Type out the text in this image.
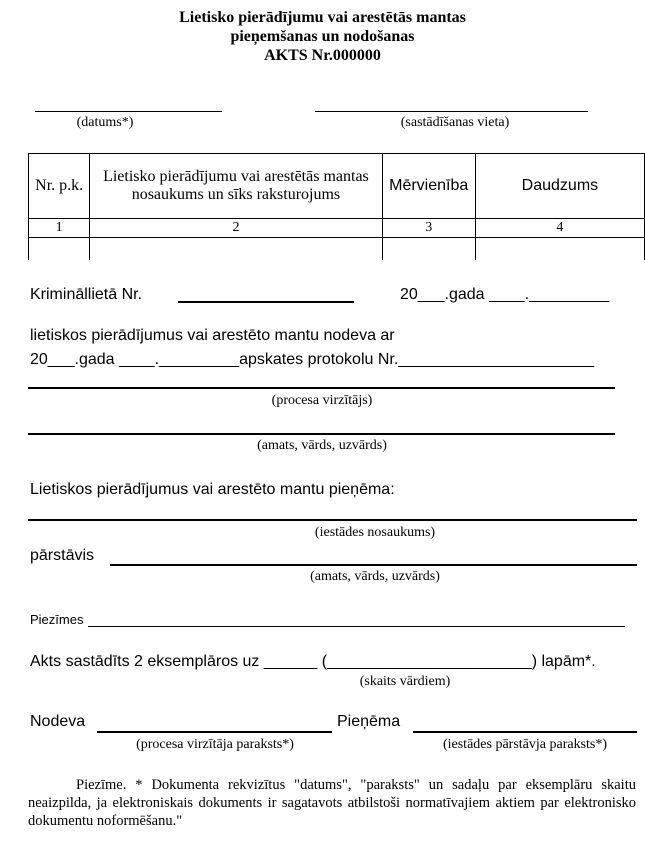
Lietisko pierādījumu vai arestētās mantas
pieņemšanas un nodošanas
AKTS Nr.000000
(datums*)	(sastādīšanas vieta)
Nr. p.k.	Lietisko pierādījumu vai arestētās mantas nosaukums un sīks raksturojums	Mērvienība	Daudzums
1	2	3	4

Krimināllietā Nr.	20___.gada ____._________
lietiskos pierādījumus vai arestēto mantu nodeva ar
20___.gada ____._________apskates protokolu Nr.______________________
(procesa virzītājs)
(amats, vārds, uzvārds)
Lietiskos pierādījumus vai arestēto mantu pieņēma:
(iestādes nosaukums)
pārstāvis
(amats, vārds, uzvārds)
Piezīmes
Akts sastādīts 2 eksemplāros uz ______ (_______________________) lapām*.
(skaits vārdiem)
Nodeva	Pieņēma
(procesa virzītāja paraksts*)	(iestādes pārstāvja paraksts*)
Piezīme. * Dokumenta rekvizītus "datums", "paraksts" un sadaļu par eksemplāru skaitu neaizpilda, ja elektroniskais dokuments ir sagatavots atbilstoši normatīvajiem aktiem par elektronisko dokumentu noformēšanu."
